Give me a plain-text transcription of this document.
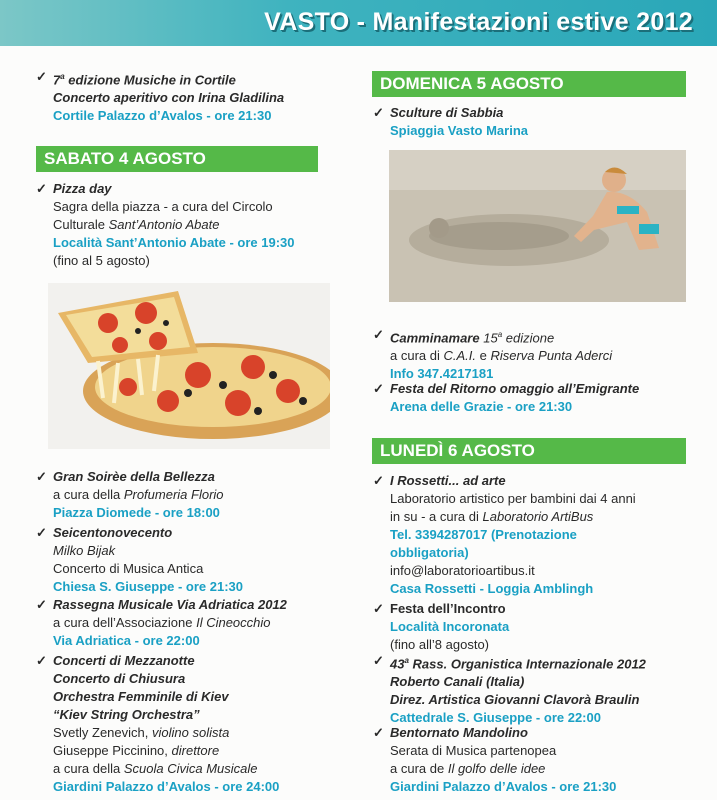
VASTO - Manifestazioni estive 2012
✓ 7$^a$ edizione Musiche in Cortile
Concerto aperitivo con Irina Gladilina
Cortile Palazzo d’Avalos - ore 21:30
SABATO 4 AGOSTO
✓ Pizza day
Sagra della piazza - a cura del Circolo
Culturale Sant’Antonio Abate
Località Sant’Antonio Abate - ore 19:30
(fino al 5 agosto)
✓ Gran Soirèe della Bellezza
a cura della Profumeria Florio
Piazza Diomede - ore 18:00
✓ Seicentonovecento
Milko Bijak
Concerto di Musica Antica
Chiesa S. Giuseppe - ore 21:30
✓ Rassegna Musicale Via Adriatica 2012
a cura dell’Associazione Il Cineocchio
Via Adriatica - ore 22:00
✓ Concerti di Mezzanotte
Concerto di Chiusura
Orchestra Femminile di Kiev
“Kiev String Orchestra”
Svetly Zenevich, violino solista
Giuseppe Piccinino, direttore
a cura della Scuola Civica Musicale
Giardini Palazzo d’Avalos - ore 24:00
DOMENICA 5 AGOSTO
✓ Sculture di Sabbia
Spiaggia Vasto Marina
✓ Camminamare 15$^a$ edizione
a cura di C.A.I. e Riserva Punta Aderci
Info 347.4217181
✓ Festa del Ritorno omaggio all’Emigrante
Arena delle Grazie - ore 21:30
LUNEDÌ 6 AGOSTO
✓ I Rossetti... ad arte
Laboratorio artistico per bambini dai 4 anni
in su - a cura di Laboratorio ArtiBus
Tel. 3394287017 (Prenotazione
obbligatoria)
info@laboratorioartibus.it
Casa Rossetti - Loggia Amblingh
✓ Festa dell’Incontro
Località Incoronata
(fino all’8 agosto)
✓ 43$^a$ Rass. Organistica Internazionale 2012
Roberto Canali (Italia)
Direz. Artistica Giovanni Clavorà Braulin
Cattedrale S. Giuseppe - ore 22:00
✓ Bentornato Mandolino
Serata di Musica partenopea
a cura de Il golfo delle idee
Giardini Palazzo d’Avalos - ore 21:30
